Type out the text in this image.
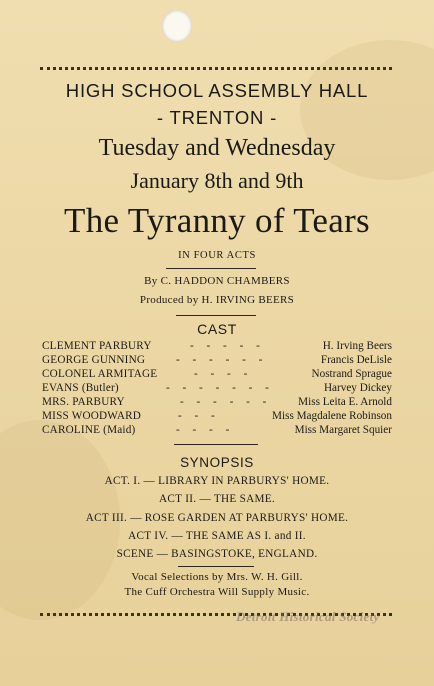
HIGH SCHOOL ASSEMBLY HALL
- TRENTON -
Tuesday and Wednesday
January 8th and 9th
The Tyranny of Tears
IN FOUR ACTS
By C. HADDON CHAMBERS
Produced by H. IRVING BEERS
CAST
CLEMENT PARBURY	- - - - -	H. Irving Beers
GEORGE GUNNING	- - - - - -	Francis DeLisle
COLONEL ARMITAGE	- - - -	Nostrand Sprague
EVANS (Butler)	- - - - - - -	Harvey Dickey
MRS. PARBURY	- - - - - - Miss Leita E. Arnold
MISS WOODWARD	- - -	Miss Magdalene Robinson
CAROLINE (Maid)	- - - -	Miss Margaret Squier
SYNOPSIS
ACT. I. — LIBRARY IN PARBURYS' HOME.
ACT II. — THE SAME.
ACT III. — ROSE GARDEN AT PARBURYS' HOME.
ACT IV. — THE SAME AS I. and II.
SCENE — BASINGSTOKE, ENGLAND.
Vocal Selections by Mrs. W. H. Gill.
The Cuff Orchestra Will Supply Music.
Detroit Historical Society
